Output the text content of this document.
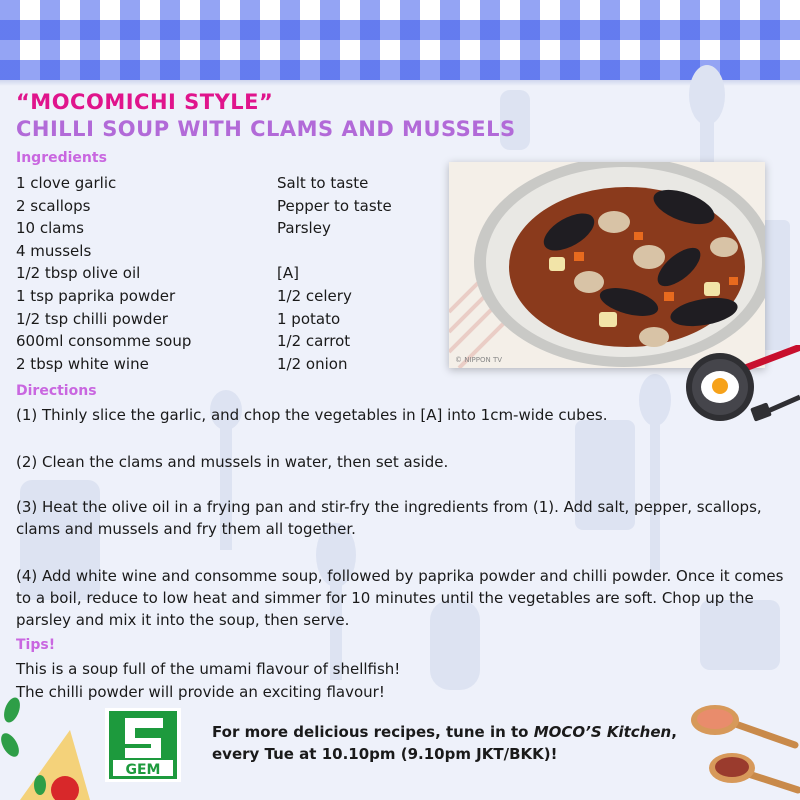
“MOCOMICHI STYLE”
CHILLI SOUP WITH CLAMS AND MUSSELS
Ingredients
1 clove garlic
2 scallops
10 clams
4 mussels
1/2 tbsp olive oil
1 tsp paprika powder
1/2 tsp chilli powder
600ml consomme soup
2 tbsp white wine
Salt to taste
Pepper to taste
Parsley
[A]
1/2 celery
1 potato
1/2 carrot
1/2 onion	© NIPPON TV
Directions

(1) Thinly slice the garlic, and chop the vegetables in [A] into 1cm-wide cubes.

(2) Clean the clams and mussels in water, then set aside.

(3) Heat the olive oil in a frying pan and stir-fry the ingredients from (1). Add salt, pepper, scallops, clams and mussels and fry them all together.

(4) Add white wine and consomme soup, followed by paprika powder and chilli powder. Once it comes to a boil, reduce to low heat and simmer for 10 minutes until the vegetables are soft. Chop up the parsley and mix it into the soup, then serve.

Tips!
This is a soup full of the umami flavour of shellfish!
The chilli powder will provide an exciting flavour!
GEM
For more delicious recipes, tune in to MOCO’S Kitchen,
every Tue at 10.10pm (9.10pm JKT/BKK)!
